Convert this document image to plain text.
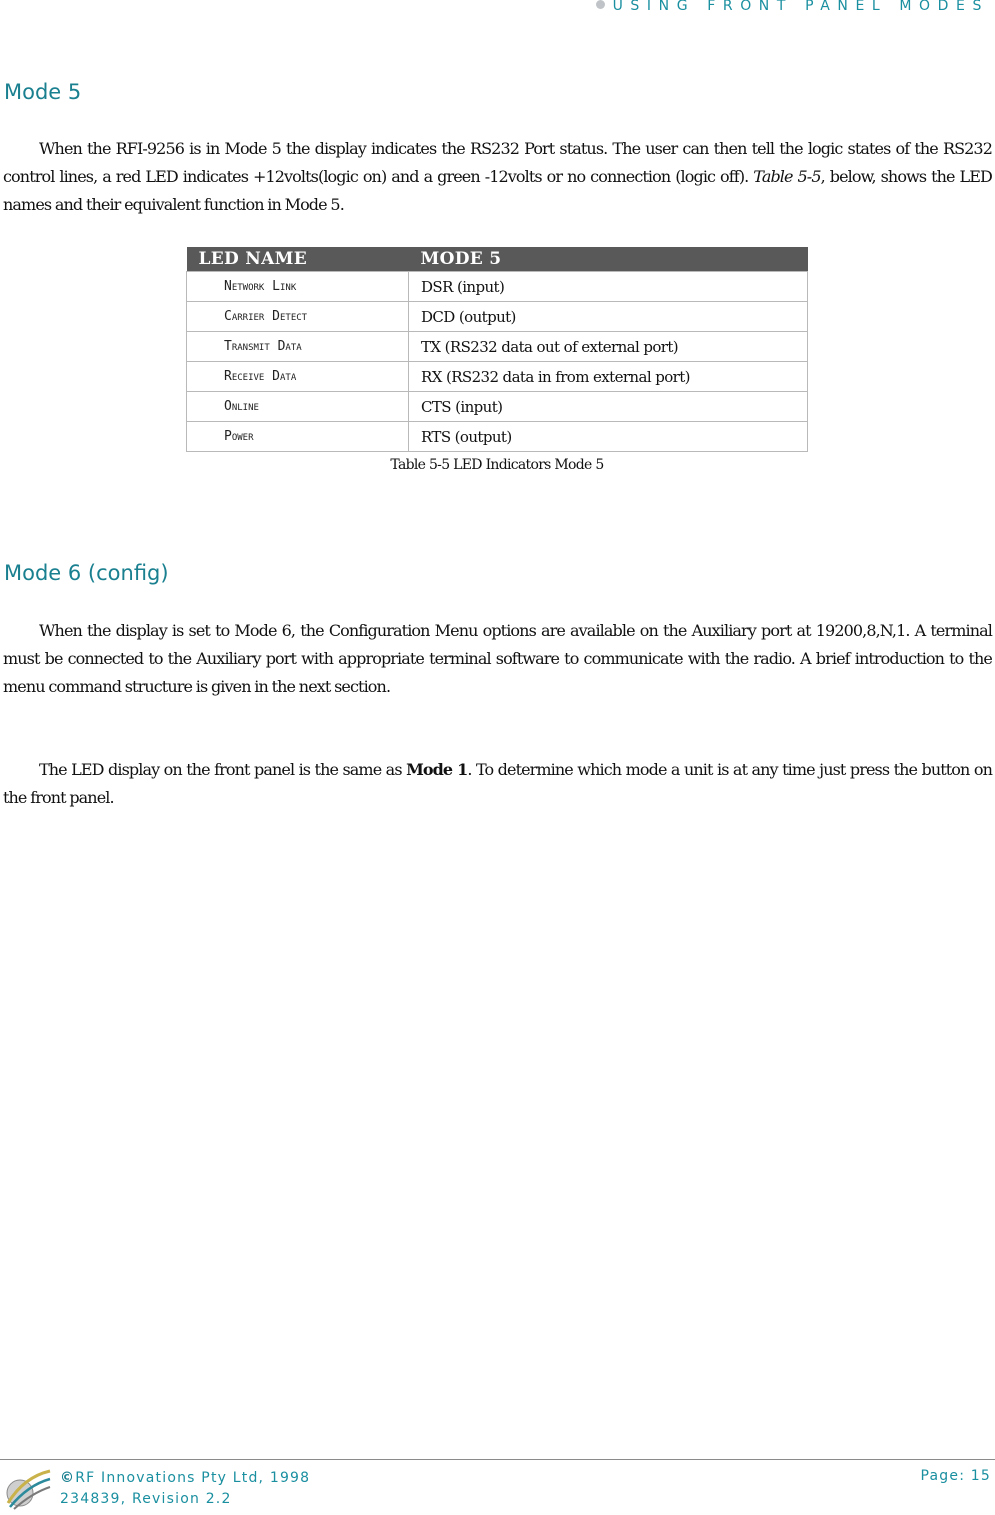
USING FRONT PANEL MODES
Mode 5

When the RFI-9256 is in Mode 5 the display indicates the RS232 Port status. The user can then tell the logic states of the RS232 control lines, a red LED indicates +12volts(logic on) and a green -12volts or no connection (logic off). Table 5-5, below, shows the LED names and their equivalent function in Mode 5.

LED NAME	MODE 5
Network Link	DSR (input)
Carrier Detect	DCD (output)
Transmit Data	TX (RS232 data out of external port)
Receive Data	RX (RS232 data in from external port)
Online	CTS (input)
Power	RTS (output)
Table 5-5 LED Indicators Mode 5
Mode 6 (config)

When the display is set to Mode 6, the Configuration Menu options are available on the Auxiliary port at 19200,8,N,1. A terminal must be connected to the Auxiliary port with appropriate terminal software to communicate with the radio. A brief introduction to the menu command structure is given in the next section.

The LED display on the front panel is the same as Mode 1. To determine which mode a unit is at any time just press the button on the front panel.

©RF Innovations Pty Ltd, 1998
234839, Revision 2.2
Page: 15
